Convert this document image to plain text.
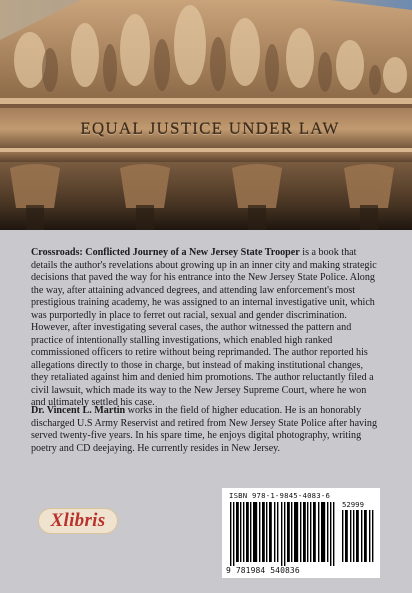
EQUAL JUSTICE UNDER LAW

Crossroads: Conflicted Journey of a New Jersey State Trooper is a book that details the author's revelations about growing up in an inner city and making strategic decisions that paved the way for his entrance into the New Jersey State Police. Along the way, after attaining advanced degrees, and attending law enforcement's most prestigious training academy, he was assigned to an internal investigative unit, which was purportedly in place to ferret out racial, sexual and gender discrimination. However, after investigating several cases, the author witnessed the pattern and practice of intentionally stalling investigations, which enabled high ranked commissioned officers to retire without being reprimanded. The author reported his allegations directly to those in charge, but instead of making institutional changes, they retaliated against him and denied him promotions. The author reluctantly filed a civil lawsuit, which made its way to the New Jersey Supreme Court, where he won and ultimately settled his case.

Dr. Vincent L. Martin works in the field of higher education. He is an honorably discharged U.S Army Reservist and retired from New Jersey State Police after having served twenty-five years. In his spare time, he enjoys digital photography, writing poetry and CD deejaying. He currently resides in New Jersey.

Xlibris
ISBN 978-1-9845-4083-6
52999
9 781984 540836
